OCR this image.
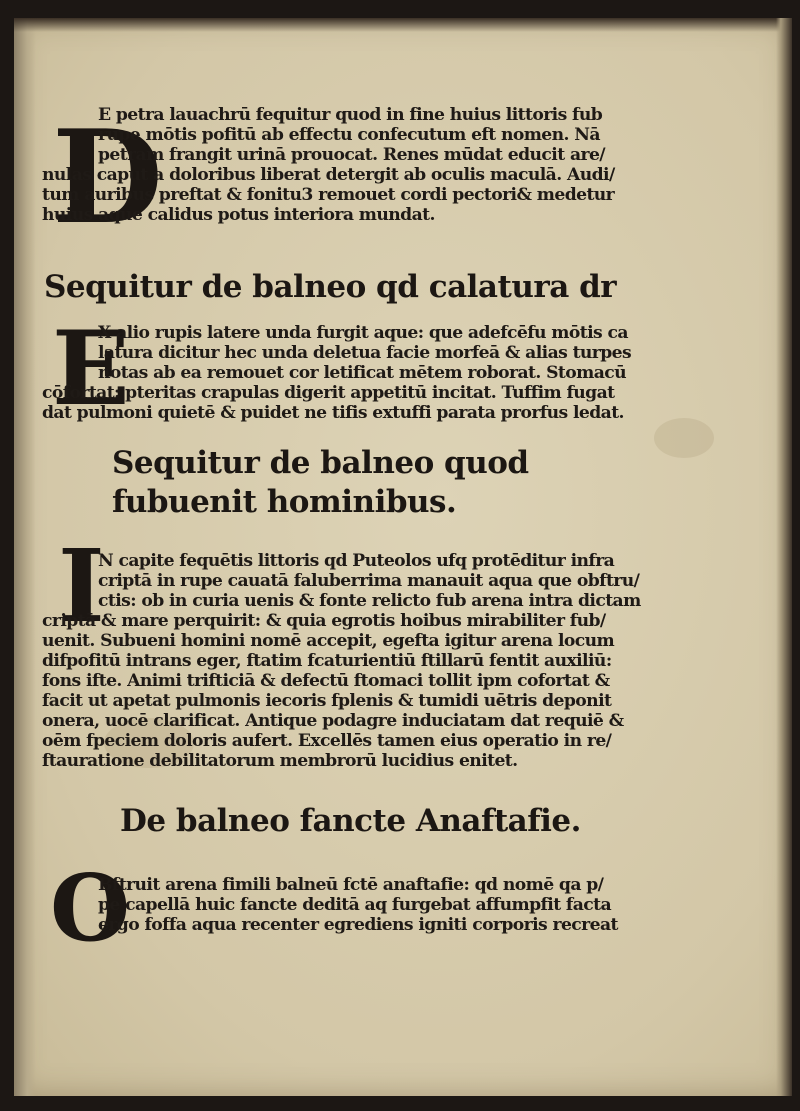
D
E petra lauachrū fequitur quod in fine huius littoris fub
rupe mōtis pofitū ab effectu confecutum eft nomen. Nā
petram frangit urinā prouocat. Renes mūdat educit are/
nulas caput a doloribus liberat detergit ab oculis maculā. Audi/
tum auribus preftat & fonitu3 remouet cordi pectori& medetur
huius aque calidus potus interiora mundat.
Sequitur de balneo qd calatura dr
E
X alio rupis latere unda furgit aque: que adefcēfu mōtis ca
latura dicitur hec unda deletua facie morfeā & alias turpes
notas ab ea remouet cor letificat mētem roborat. Stomacū
cōfortat: pteritas crapulas digerit appetitū incitat. Tuffim fugat
dat pulmoni quietē & puidet ne tifis extuffi parata prorfus ledat.
Sequitur de balneo quod
fubuenit hominibus.
I
N capite fequētis littoris qd Puteolos ufq protēditur infra
criptā in rupe cauatā faluberrima manauit aqua que obftru/
ctis: ob in curia uenis & fonte relicto fub arena intra dictam
criptā & mare perquirit: & quia egrotis hoibus mirabiliter fub/
uenit. Subueni homini nomē accepit, egefta igitur arena locum
difpofitū intrans eger, ftatim fcaturientiū ftillarū fentit auxiliū:
fons ifte. Animi trifticiā & defectū ftomaci tollit ipm cofortat &
facit ut apetat pulmonis iecoris fplenis & tumidi uētris deponit
onera, uocē clarificat. Antique podagre induciatam dat requiē &
oēm fpeciem doloris aufert. Excellēs tamen eius operatio in re/
ftauratione debilitatorum membrorū lucidius enitet.
De balneo fancte Anaftafie.
O
Bftruit arena fimili balneū fctē anaftafie: qd nomē qa p/
pe capellā huic fancte deditā aq furgebat affumpfit facta
ergo foffa aqua recenter egrediens igniti corporis recreat
